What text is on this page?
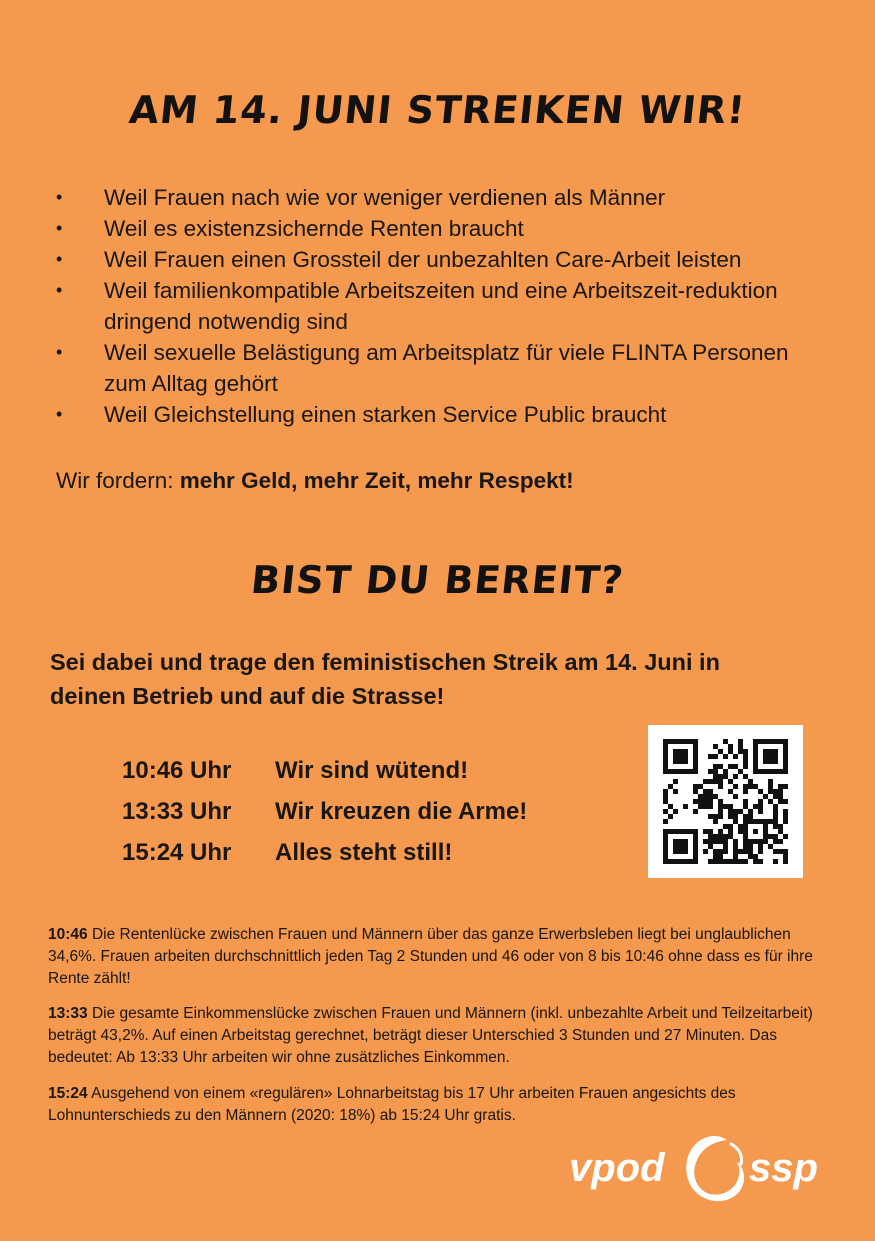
AM 14. JUNI STREIKEN WIR!
• Weil Frauen nach wie vor weniger verdienen als Männer
• Weil es existenzsichernde Renten braucht
• Weil Frauen einen Grossteil der unbezahlten Care-Arbeit leisten
• Weil familienkompatible Arbeitszeiten und eine Arbeitszeit-reduktion dringend notwendig sind
• Weil sexuelle Belästigung am Arbeitsplatz für viele FLINTA Personen zum Alltag gehört
• Weil Gleichstellung einen starken Service Public braucht
Wir fordern: mehr Geld, mehr Zeit, mehr Respekt!
BIST DU BEREIT?
Sei dabei und trage den feministischen Streik am 14. Juni in deinen Betrieb und auf die Strasse!
10:46 Uhr	Wir sind wütend!
13:33 Uhr	Wir kreuzen die Arme!
15:24 Uhr	Alles steht still!
10:46 Die Rentenlücke zwischen Frauen und Männern über das ganze Erwerbsleben liegt bei unglaublichen 34,6%. Frauen arbeiten durchschnittlich jeden Tag 2 Stunden und 46 oder von 8 bis 10:46 ohne dass es für ihre Rente zählt!
13:33 Die gesamte Einkommenslücke zwischen Frauen und Männern (inkl. unbezahlte Arbeit und Teilzeitarbeit) beträgt 43,2%. Auf einen Arbeitstag gerechnet, beträgt dieser Unterschied 3 Stunden und 27 Minuten. Das bedeutet: Ab 13:33 Uhr arbeiten wir ohne zusätzliches Einkommen.
15:24 Ausgehend von einem «regulären» Lohnarbeitstag bis 17 Uhr arbeiten Frauen angesichts des Lohnunterschieds zu den Männern (2020: 18%) ab 15:24 Uhr gratis.
vpod ssp
